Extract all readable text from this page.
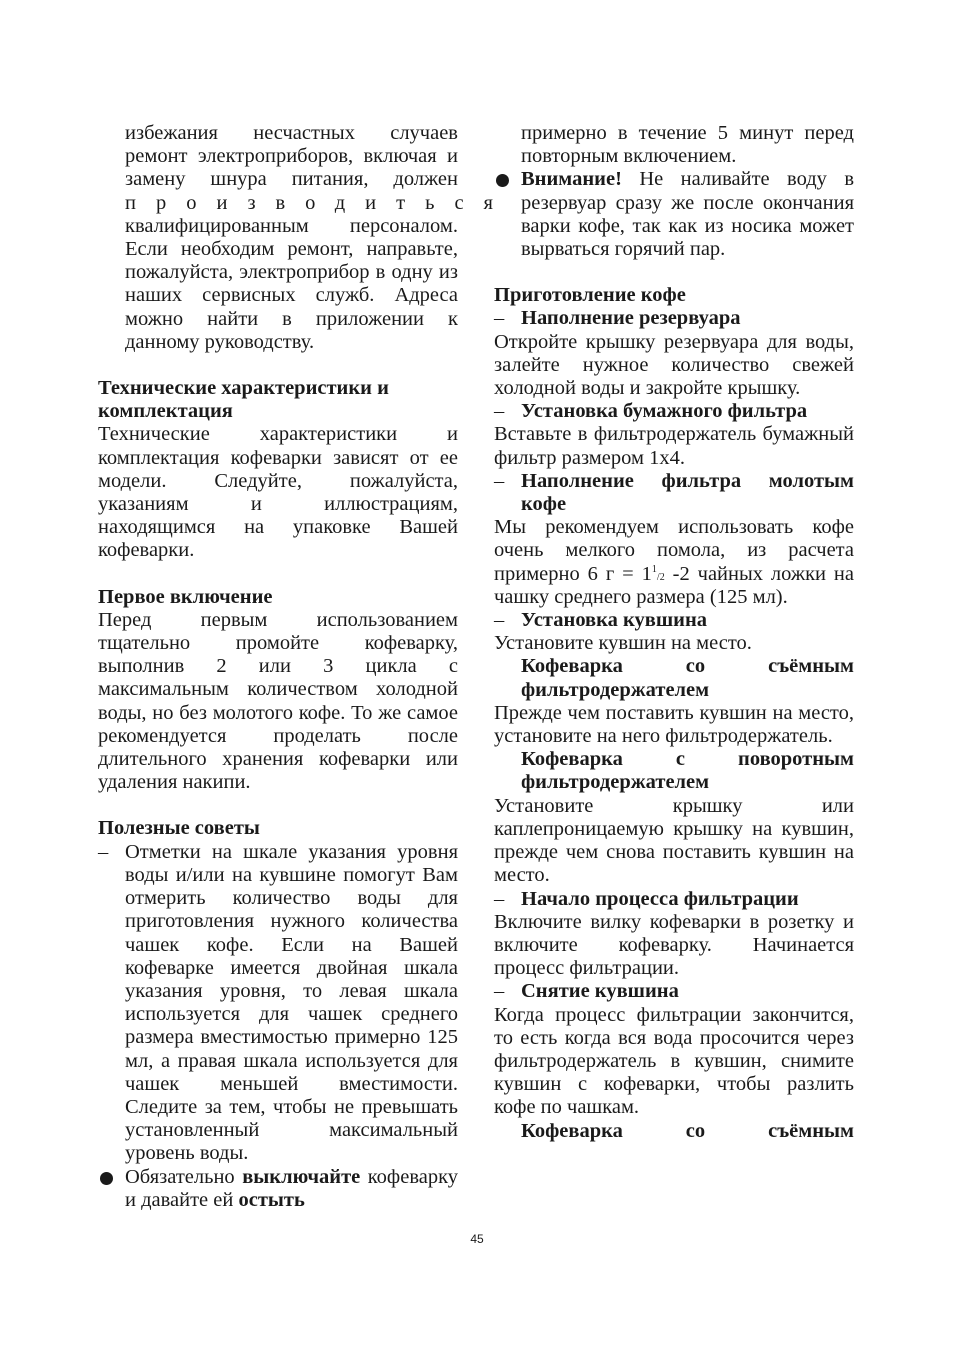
избежания несчастных случаев ремонт электроприборов, включая и замену шнура питания, должен производиться квалифицированным персоналом. Если необходим ремонт, направьте, пожалуйста, электроприбор в одну из наших сервисных служб. Адреса можно найти в приложении к данному руководству.

Технические характеристики и комплектация

Технические характеристики и комплектация кофеварки зависят от ее модели. Следуйте, пожалуйста, указаниям и иллюстрациям, находящимся на упаковке Вашей кофеварки.

Первое включение

Перед первым использованием тщательно промойте кофеварку, выполнив 2 или 3 цикла с максимальным количеством холодной воды, но без молотого кофе. То же самое рекомендуется проделать после длительного хранения кофеварки или удаления накипи.

Полезные советы

– Отметки на шкале указания уровня воды и/или на кувшине помогут Вам отмерить количество воды для приготовления нужного количества чашек кофе. Если на Вашей кофеварке имеется двойная шкала указания уровня, то левая шкала используется для чашек среднего размера вместимостью примерно 125 мл, а правая шкала используется для чашек меньшей вместимости. Следите за тем, чтобы не превышать установленный максимальный уровень воды.
Обязательно выключайте кофеварку и давайте ей остыть

примерно в течение 5 минут перед повторным включением.

Внимание! Не наливайте воду в резервуар сразу же после окончания варки кофе, так как из носика может вырваться горячий пар.

Приготовление кофе

– Наполнение резервуара

Откройте крышку резервуара для воды, залейте нужное количество свежей холодной воды и закройте крышку.

– Установка бумажного фильтра

Вставьте в фильтродержатель бумажный фильтр размером 1х4.

– Наполнение фильтра молотым кофе

Мы рекомендуем использовать кофе очень мелкого помола, из расчета примерно 6 $г = 1^1/2$ -2 чайных ложки на чашку среднего размера (125 мл).

– Установка кувшина

Установите кувшин на место.

Кофеварка со съёмным фильтродержателем

Прежде чем поставить кувшин на место, установите на него фильтродержатель.

Кофеварка с поворотным фильтродержателем

Установите крышку или каплепроницаемую крышку на кувшин, прежде чем снова поставить кувшин на место.

– Начало процесса фильтрации

Включите вилку кофеварки в розетку и включите кофеварку. Начинается процесс фильтрации.

– Снятие кувшина

Когда процесс фильтрации закончится, то есть когда вся вода просочится через фильтродержатель в кувшин, снимите кувшин с кофеварки, чтобы разлить кофе по чашкам.

Кофеварка со съёмным

45
